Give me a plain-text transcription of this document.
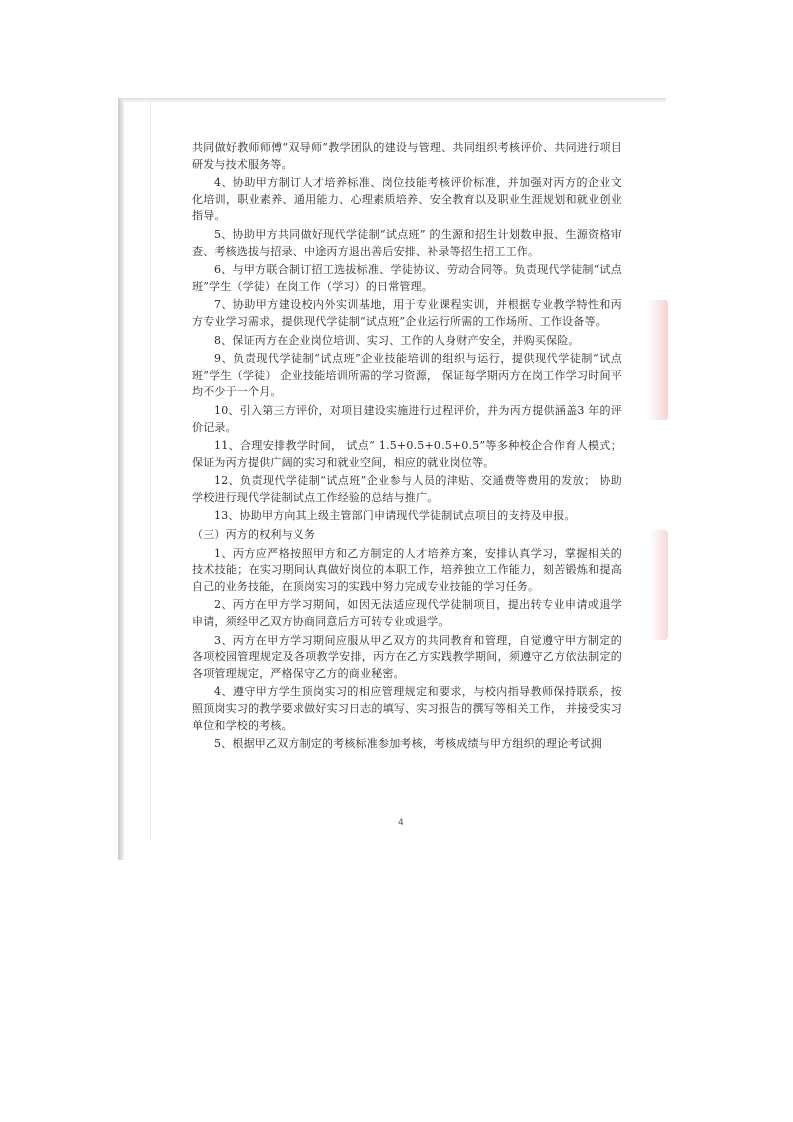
共同做好教师师傅“双导师”教学团队的建设与管理、共同组织考核评价、共同进行项目研发与技术服务等。

4、协助甲方制订人才培养标准、岗位技能考核评价标准，并加强对丙方的企业文化培训，职业素养、通用能力、心理素质培养、安全教育以及职业生涯规划和就业创业指导。

5、协助甲方共同做好现代学徒制“试点班” 的生源和招生计划数申报、生源资格审查、考核选拔与招录、中途丙方退出善后安排、补录等招生招工工作。

6、与甲方联合制订招工选拔标准、学徒协议、劳动合同等。负责现代学徒制“试点班”学生（学徒）在岗工作（学习）的日常管理。

7、协助甲方建设校内外实训基地，用于专业课程实训，并根据专业教学特性和丙方专业学习需求，提供现代学徒制“试点班”企业运行所需的工作场所、工作设备等。

8、保证丙方在企业岗位培训、实习、工作的人身财产安全，并购买保险。

9、负责现代学徒制“试点班”企业技能培训的组织与运行，提供现代学徒制“试点班”学生（学徒） 企业技能培训所需的学习资源， 保证每学期丙方在岗工作学习时间平均不少于一个月。

10、引入第三方评价，对项目建设实施进行过程评价，并为丙方提供涵盖3 年的评价记录。

11、合理安排教学时间， 试点“ 1.5+0.5+0.5+0.5”等多种校企合作育人模式；保证为丙方提供广阔的实习和就业空间，相应的就业岗位等。

12、负责现代学徒制“试点班”企业参与人员的津贴、交通费等费用的发放； 协助学校进行现代学徒制试点工作经验的总结与推广。

13、协助甲方向其上级主管部门申请现代学徒制试点项目的支持及申报。

（三）丙方的权利与义务

1、丙方应严格按照甲方和乙方制定的人才培养方案，安排认真学习，掌握相关的技术技能；在实习期间认真做好岗位的本职工作，培养独立工作能力，刻苦锻炼和提高自己的业务技能，在顶岗实习的实践中努力完成专业技能的学习任务。

2、丙方在甲方学习期间，如因无法适应现代学徒制项目，提出转专业申请或退学申请，须经甲乙双方协商同意后方可转专业或退学。

3、丙方在甲方学习期间应服从甲乙双方的共同教育和管理，自觉遵守甲方制定的各项校园管理规定及各项教学安排，丙方在乙方实践教学期间，须遵守乙方依法制定的各项管理规定，严格保守乙方的商业秘密。

4、遵守甲方学生顶岗实习的相应管理规定和要求，与校内指导教师保持联系，按照顶岗实习的教学要求做好实习日志的填写、实习报告的撰写等相关工作， 并接受实习单位和学校的考核。

5、根据甲乙双方制定的考核标准参加考核，考核成绩与甲方组织的理论考试拥

4
